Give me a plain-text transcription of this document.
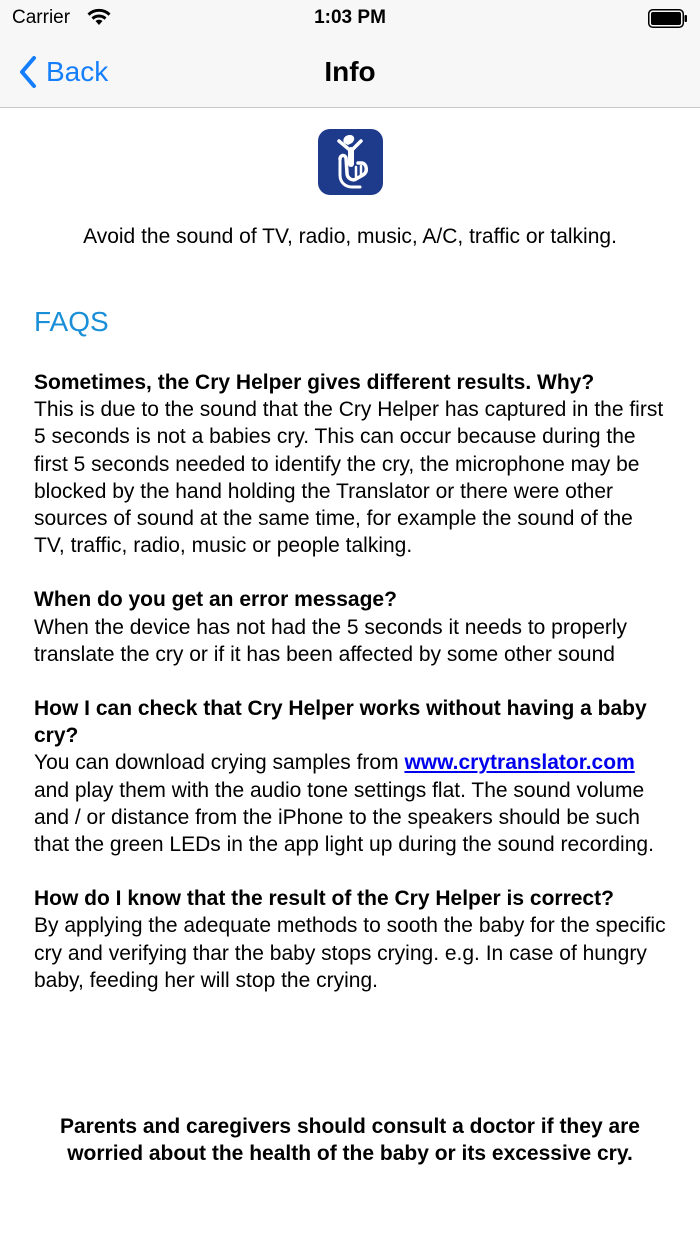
Carrier	1:03 PM
Back	Info
Avoid the sound of TV, radio, music, A/C, traffic or talking.
FAQS
Sometimes, the Cry Helper gives different results. Why?
This is due to the sound that the Cry Helper has captured in the first 5 seconds is not a babies cry. This can occur because during the first 5 seconds needed to identify the cry, the microphone may be blocked by the hand holding the Translator or there were other sources of sound at the same time, for example the sound of the TV, traffic, radio, music or people talking.
When do you get an error message?
When the device has not had the 5 seconds it needs to properly translate the cry or if it has been affected by some other sound
How I can check that Cry Helper works without having a baby cry?
You can download crying samples from www.crytranslator.com and play them with the audio tone settings flat. The sound volume and / or distance from the iPhone to the speakers should be such that the green LEDs in the app light up during the sound recording.
How do I know that the result of the Cry Helper is correct?
By applying the adequate methods to sooth the baby for the specific cry and verifying thar the baby stops crying. e.g. In case of hungry baby, feeding her will stop the crying.
Parents and caregivers should consult a doctor if they are worried about the health of the baby or its excessive cry.
